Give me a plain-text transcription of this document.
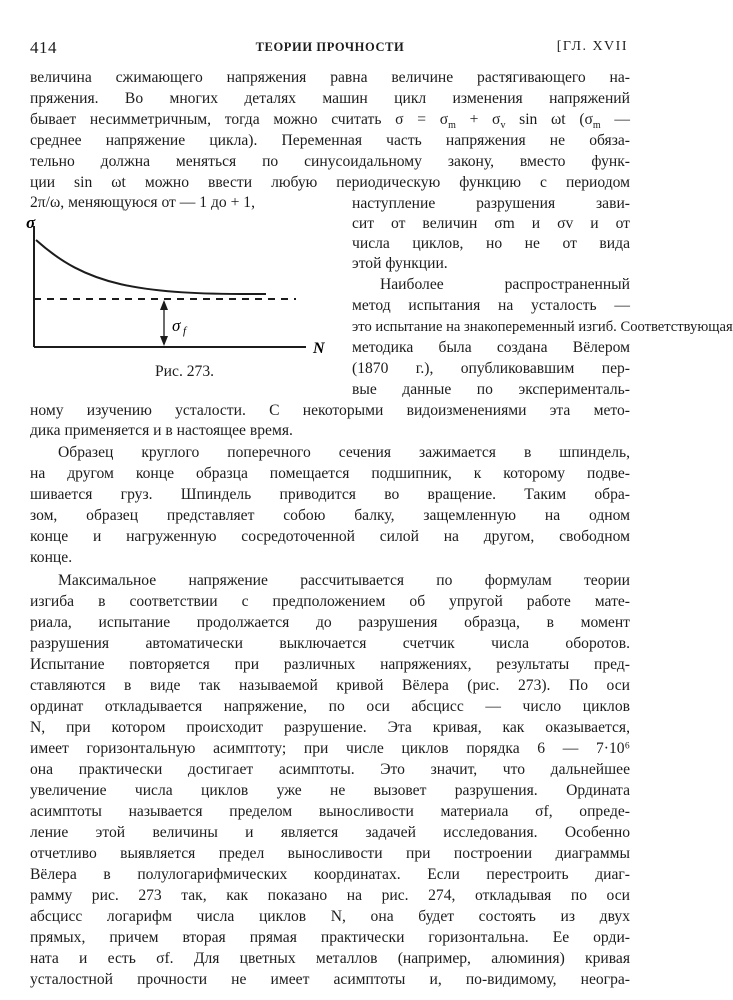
414	ТЕОРИИ ПРОЧНОСТИ	[ГЛ. XVII
величина сжимающего напряжения равна величине растягивающего на-
пряжения. Во многих деталях машин цикл изменения напряжений
бывает несимметричным, тогда можно считать $\sigma = \sigma_m + \sigma_v$ sin ωt ($\sigma_m$ —
среднее напряжение цикла). Переменная часть напряжения не обяза-
тельно должна меняться по синусоидальному закону, вместо функ-
ции sin ωt можно ввести любую периодическую функцию с периодом
2π/ω, меняющуюся от — 1 до + 1,	наступление разрушения зави-
сит от величин σm и σv и от
числа циклов, но не от вида
этой функции.
Наиболее распространенный
метод испытания на усталость —
это испытание на знакопеременный изгиб. Соответствующая
методика была создана Вёлером
(1870 г.), опубликовавшим пер-
вые данные по эксперименталь-
σ
N
σ f
Рис. 273.
ному изучению усталости. С некоторыми видоизменениями эта мето-
дика применяется и в настоящее время.
Образец круглого поперечного сечения зажимается в шпиндель,
на другом конце образца помещается подшипник, к которому подве-
шивается груз. Шпиндель приводится во вращение. Таким обра-
зом, образец представляет собою балку, защемленную на одном
конце и нагруженную сосредоточенной силой на другом, свободном
конце.
Максимальное напряжение рассчитывается по формулам теории
изгиба в соответствии с предположением об упругой работе мате-
риала, испытание продолжается до разрушения образца, в момент
разрушения автоматически выключается счетчик числа оборотов.
Испытание повторяется при различных напряжениях, результаты пред-
ставляются в виде так называемой кривой Вёлера (рис. 273). По оси
ординат откладывается напряжение, по оси абсцисс — число циклов
N, при котором происходит разрушение. Эта кривая, как оказывается,
имеет горизонтальную асимптоту; при числе циклов порядка 6 — 7·10⁶
она практически достигает асимптоты. Это значит, что дальнейшее
увеличение числа циклов уже не вызовет разрушения. Ордината
асимптоты называется пределом выносливости материала σf, опреде-
ление этой величины и является задачей исследования. Особенно
отчетливо выявляется предел выносливости при построении диаграммы
Вёлера в полулогарифмических координатах. Если перестроить диаг-
рамму рис. 273 так, как показано на рис. 274, откладывая по оси
абсцисс логарифм числа циклов N, она будет состоять из двух
прямых, причем вторая прямая практически горизонтальна. Ее орди-
ната и есть σf. Для цветных металлов (например, алюминия) кривая
усталостной прочности не имеет асимптоты и, по-видимому, неогра-
